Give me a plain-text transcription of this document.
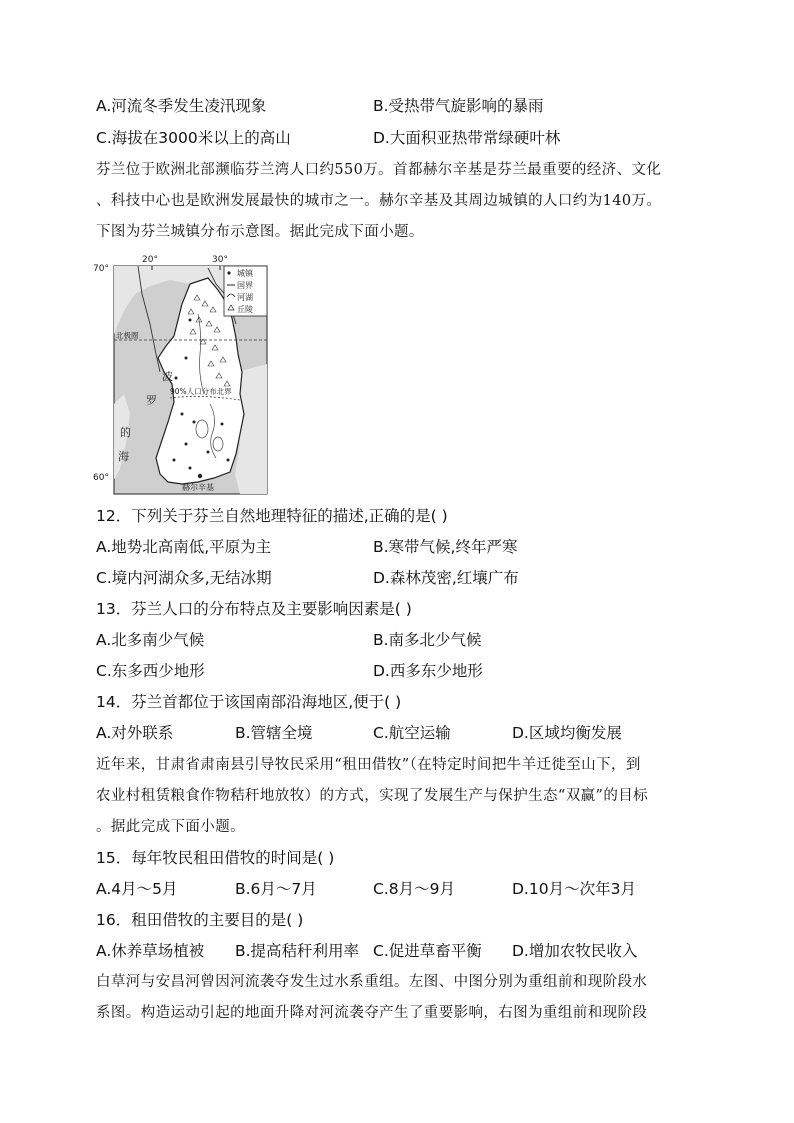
A.河流冬季发生凌汛现象	B.受热带气旋影响的暴雨
C.海拔在3000米以上的高山	D.大面积亚热带常绿硬叶林
芬兰位于欧洲北部濒临芬兰湾人口约550万。首都赫尔辛基是芬兰最重要的经济、文化
、科技中心也是欧洲发展最快的城市之一。赫尔辛基及其周边城镇的人口约为140万。
下图为芬兰城镇分布示意图。据此完成下面小题。
20°	30°
70°
60°
北极圈
城镇
国界
河湖
丘陵
波
罗
的
海
90%人口分布北界
赫尔辛基
12．下列关于芬兰自然地理特征的描述,正确的是( )
A.地势北高南低,平原为主	B.寒带气候,终年严寒
C.境内河湖众多,无结冰期	D.森林茂密,红壤广布
13．芬兰人口的分布特点及主要影响因素是( )
A.北多南少气候	B.南多北少气候
C.东多西少地形	D.西多东少地形
14．芬兰首都位于该国南部沿海地区,便于( )
A.对外联系	B.管辖全境	C.航空运输	D.区域均衡发展
近年来，甘肃省肃南县引导牧民采用“租田借牧”（在特定时间把牛羊迁徙至山下，到
农业村租赁粮食作物秸秆地放牧）的方式，实现了发展生产与保护生态“双赢”的目标
。据此完成下面小题。
15．每年牧民租田借牧的时间是( )
A.4月～5月	B.6月～7月	C.8月～9月	D.10月～次年3月
16．租田借牧的主要目的是( )
A.休养草场植被 B.提高秸秆利用率 C.促进草畜平衡 D.增加农牧民收入
白草河与安昌河曾因河流袭夺发生过水系重组。左图、中图分别为重组前和现阶段水
系图。构造运动引起的地面升降对河流袭夺产生了重要影响，右图为重组前和现阶段
